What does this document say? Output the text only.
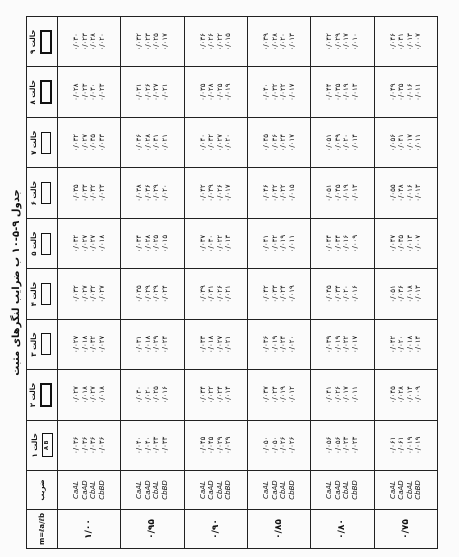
جدول ۹-۵-۱۰ ب ضرایب لنگرهای مثبت
m=ℓa/ℓb	ضریب	حالت ۱ A B	حالت ۲	حالت ۳	حالت ۴	حالت ۵	حالت ۶	حالت ۷	حالت ۸	حالت ۹

۱/۰۰	CaAL CaAD CbAL CbBD	۰/۰۳۶ ۰/۰۳۶ ۰/۰۳۶ ۰/۰۳۶	۰/۰۲۷ ۰/۰۱۸ ۰/۰۲۷ ۰/۰۱۸	۰/۰۲۷ ۰/۰۱۸ ۰/۰۳۲ ۰/۰۲۷	۰/۰۳۲ ۰/۰۲۷ ۰/۰۳۲ ۰/۰۲۷	۰/۰۳۲ ۰/۰۲۷ ۰/۰۲۷ ۰/۰۱۸	۰/۰۳۵ ۰/۰۳۳ ۰/۰۳۲ ۰/۰۲۳	۰/۰۳۲ ۰/۰۲۷ ۰/۰۳۵ ۰/۰۳۳	۰/۰۲۸ ۰/۰۲۳ ۰/۰۳۰ ۰/۰۲۳	۰/۰۳۰ ۰/۰۲۳ ۰/۰۲۸ ۰/۰۲۰

۰/۹۵	CaAL CaAD CbAL CbBD	۰/۰۴۰ ۰/۰۴۰ ۰/۰۳۳ ۰/۰۳۳	۰/۰۳۰ ۰/۰۲۰ ۰/۰۲۵ ۰/۰۱۶	۰/۰۳۱ ۰/۰۱۸ ۰/۰۲۹ ۰/۰۲۴	۰/۰۳۵ ۰/۰۲۹ ۰/۰۲۹ ۰/۰۲۴	۰/۰۳۴ ۰/۰۲۸ ۰/۰۲۵ ۰/۰۱۵	۰/۰۳۸ ۰/۰۳۶ ۰/۰۲۹ ۰/۰۲۰	۰/۰۳۶ ۰/۰۲۸ ۰/۰۳۱ ۰/۰۲۱	۰/۰۳۱ ۰/۰۲۶ ۰/۰۲۷ ۰/۰۲۱	۰/۰۳۲ ۰/۰۲۳ ۰/۰۲۵ ۰/۰۱۷

۰/۹۰	CaAL CaAD CbAL CbBD	۰/۰۴۵ ۰/۰۴۵ ۰/۰۲۹ ۰/۰۲۹	۰/۰۳۴ ۰/۰۲۲ ۰/۰۲۴ ۰/۰۱۴	۰/۰۳۳ ۰/۰۱۸ ۰/۰۲۷ ۰/۰۲۱	۰/۰۳۹ ۰/۰۳۱ ۰/۰۲۶ ۰/۰۲۱	۰/۰۳۷ ۰/۰۳۰ ۰/۰۲۲ ۰/۰۱۳	۰/۰۴۲ ۰/۰۳۹ ۰/۰۲۶ ۰/۰۱۷	۰/۰۴۰ ۰/۰۳۲ ۰/۰۲۷ ۰/۰۲۰	۰/۰۳۵ ۰/۰۲۸ ۰/۰۲۵ ۰/۰۱۹	۰/۰۳۶ ۰/۰۲۶ ۰/۰۲۲ ۰/۰۱۵

۰/۸۵	CaAL CaAD CbAL CbBD	۰/۰۵۰ ۰/۰۵۰ ۰/۰۲۶ ۰/۰۲۶	۰/۰۳۷ ۰/۰۲۴ ۰/۰۱۹ ۰/۰۱۲	۰/۰۳۶ ۰/۰۱۹ ۰/۰۲۴ ۰/۰۲۰	۰/۰۴۲ ۰/۰۳۳ ۰/۰۲۴ ۰/۰۱۹	۰/۰۴۱ ۰/۰۳۲ ۰/۰۱۹ ۰/۰۱۱	۰/۰۴۶ ۰/۰۴۲ ۰/۰۲۲ ۰/۰۱۵	۰/۰۴۵ ۰/۰۳۶ ۰/۰۲۴ ۰/۰۱۷	۰/۰۴۰ ۰/۰۳۲ ۰/۰۲۲ ۰/۰۱۷	۰/۰۳۹ ۰/۰۲۸ ۰/۰۲۰ ۰/۰۱۳

۰/۸۰	CaAL CaAD CbAL CbBD	۰/۰۵۶ ۰/۰۵۶ ۰/۰۲۳ ۰/۰۲۳	۰/۰۴۱ ۰/۰۲۶ ۰/۰۱۷ ۰/۰۱۱	۰/۰۳۹ ۰/۰۱۹ ۰/۰۲۲ ۰/۰۱۷	۰/۰۴۵ ۰/۰۳۴ ۰/۰۲۰ ۰/۰۱۶	۰/۰۴۴ ۰/۰۳۴ ۰/۰۱۶ ۰/۰۰۹	۰/۰۵۱ ۰/۰۴۵ ۰/۰۱۹ ۰/۰۱۳	۰/۰۵۱ ۰/۰۳۹ ۰/۰۲۰ ۰/۰۱۴	۰/۰۴۴ ۰/۰۳۵ ۰/۰۱۹ ۰/۰۱۳	۰/۰۴۲ ۰/۰۲۹ ۰/۰۱۷ ۰/۰۱۰

۰/۷۵	CaAL CaAD CbAL CbBD	۰/۰۶۱ ۰/۰۶۱ ۰/۰۱۹ ۰/۰۱۹	۰/۰۴۵ ۰/۰۲۸ ۰/۰۱۴ ۰/۰۰۹	۰/۰۴۲ ۰/۰۲۰ ۰/۰۱۸ ۰/۰۱۴	۰/۰۵۱ ۰/۰۳۶ ۰/۰۱۸ ۰/۰۱۳	۰/۰۴۷ ۰/۰۳۵ ۰/۰۱۳ ۰/۰۰۷	۰/۰۵۵ ۰/۰۴۸ ۰/۰۱۶ ۰/۰۱۳	۰/۰۵۶ ۰/۰۴۱ ۰/۰۱۷ ۰/۰۱۱	۰/۰۴۹ ۰/۰۳۵ ۰/۰۱۶ ۰/۰۱۱	۰/۰۴۶ ۰/۰۳۱ ۰/۰۱۳ ۰/۰۰۷
